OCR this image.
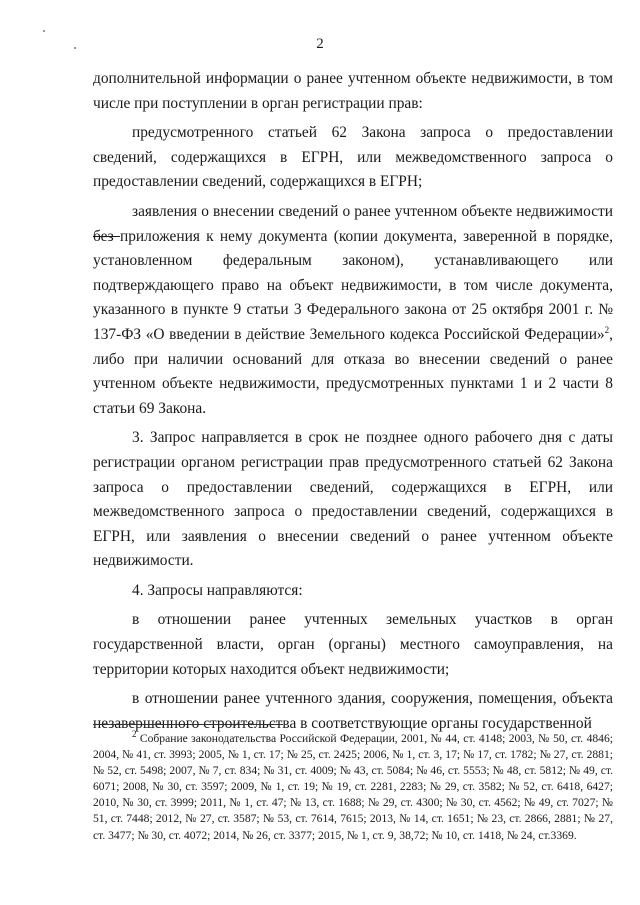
2

дополнительной информации о ранее учтенном объекте недвижимости, в том числе при поступлении в орган регистрации прав:

предусмотренного статьей 62 Закона запроса о предоставлении сведений, содержащихся в ЕГРН, или межведомственного запроса о предоставлении сведений, содержащихся в ЕГРН;

заявления о внесении сведений о ранее учтенном объекте недвижимости без приложения к нему документа (копии документа, заверенной в порядке, установленном федеральным законом), устанавливающего или подтверждающего право на объект недвижимости, в том числе документа, указанного в пункте 9 статьи 3 Федерального закона от 25 октября 2001 г. № 137-ФЗ «О введении в действие Земельного кодекса Российской Федерации»$^2$, либо при наличии оснований для отказа во внесении сведений о ранее учтенном объекте недвижимости, предусмотренных пунктами 1 и 2 части 8 статьи 69 Закона.

3. Запрос направляется в срок не позднее одного рабочего дня с даты регистрации органом регистрации прав предусмотренного статьей 62 Закона запроса о предоставлении сведений, содержащихся в ЕГРН, или межведомственного запроса о предоставлении сведений, содержащихся в ЕГРН, или заявления о внесении сведений о ранее учтенном объекте недвижимости.

4. Запросы направляются:

в отношении ранее учтенных земельных участков в орган государственной власти, орган (органы) местного самоуправления, на территории которых находится объект недвижимости;

в отношении ранее учтенного здания, сооружения, помещения, объекта незавершенного строительства в соответствующие органы государственной

$^2$ Собрание законодательства Российской Федерации, 2001, № 44, ст. 4148; 2003, № 50, ст. 4846; 2004, № 41, ст. 3993; 2005, № 1, ст. 17; № 25, ст. 2425; 2006, № 1, ст. 3, 17; № 17, ст. 1782; № 27, ст. 2881; № 52, ст. 5498; 2007, № 7, ст. 834; № 31, ст. 4009; № 43, ст. 5084; № 46, ст. 5553; № 48, ст. 5812; № 49, ст. 6071; 2008, № 30, ст. 3597; 2009, № 1, ст. 19; № 19, ст. 2281, 2283; № 29, ст. 3582; № 52, ст. 6418, 6427; 2010, № 30, ст. 3999; 2011, № 1, ст. 47; № 13, ст. 1688; № 29, ст. 4300; № 30, ст. 4562; № 49, ст. 7027; № 51, ст. 7448; 2012, № 27, ст. 3587; № 53, ст. 7614, 7615; 2013, № 14, ст. 1651; № 23, ст. 2866, 2881; № 27, ст. 3477; № 30, ст. 4072; 2014, № 26, ст. 3377; 2015, № 1, ст. 9, 38,72; № 10, ст. 1418, № 24, ст.3369.
